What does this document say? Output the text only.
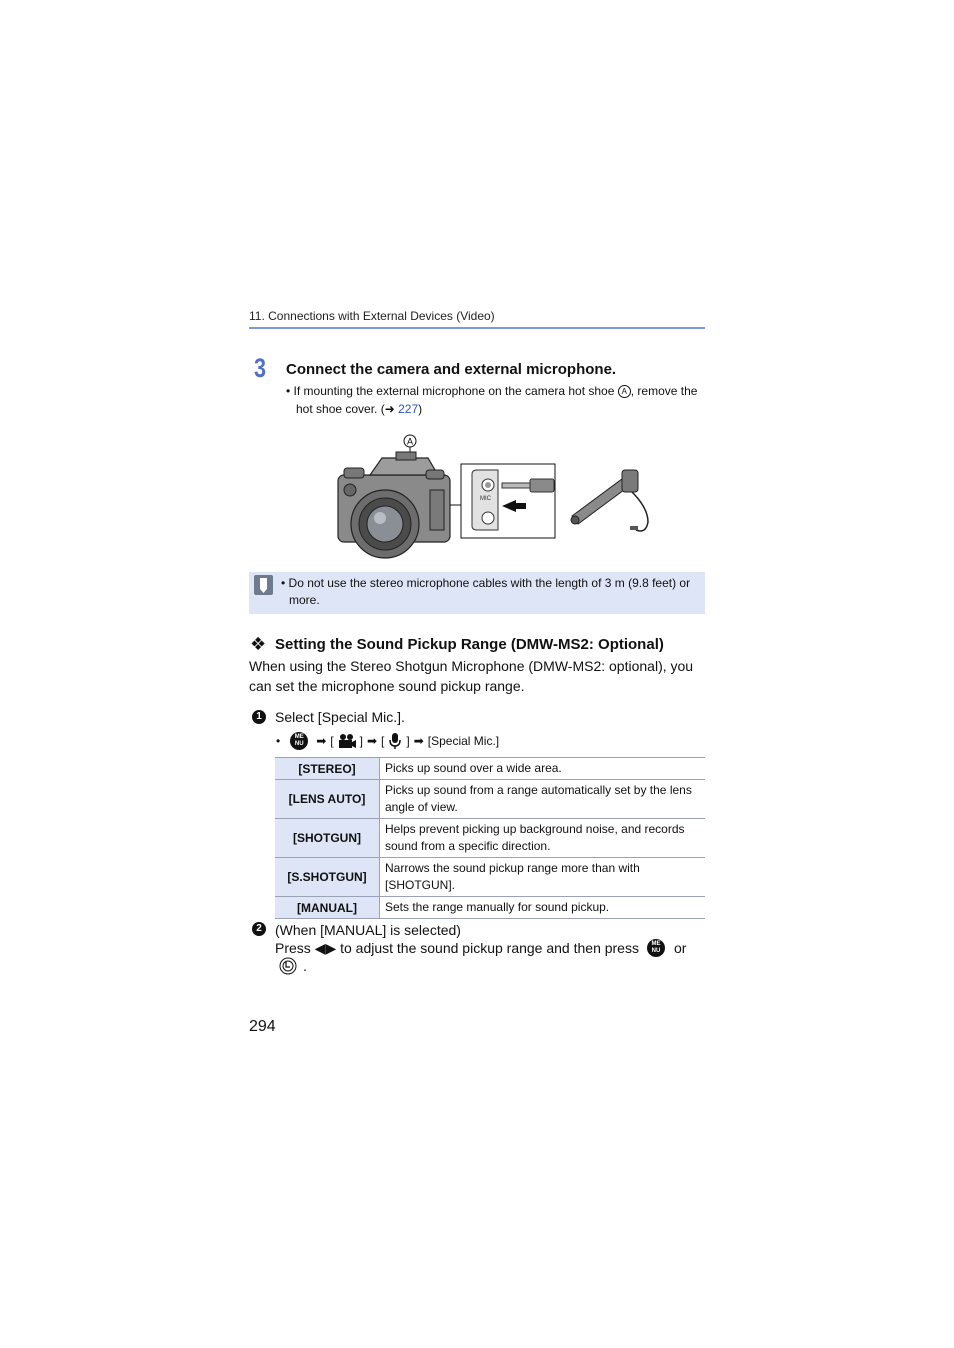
11. Connections with External Devices (Video)
3 Connect the camera and external microphone.
• If mounting the external microphone on the camera hot shoe A , remove the
hot shoe cover. (➜ 227)
A
MIC
• Do not use the stereo microphone cables with the length of 3 m (9.8 feet) or
more.
❖ Setting the Sound Pickup Range (DMW-MS2: Optional)
When using the Stereo Shotgun Microphone (DMW-MS2: optional), you
can set the microphone sound pickup range.
1 Select [Special Mic.].
•	ME
NU	➡ [ ] ➡ [ ] ➡ [Special Mic.]
[STEREO]	Picks up sound over a wide area.

[LENS AUTO]	Picks up sound from a range automatically set by the lens
angle of view.

[SHOTGUN]	Helps prevent picking up background noise, and records
sound from a specific direction.

[S.SHOTGUN]	Narrows the sound pickup range more than with
[SHOTGUN].

[MANUAL]	Sets the range manually for sound pickup.
2 (When [MANUAL] is selected)
Press ◀▶ to adjust the sound pickup range and then press	ME
NU or
.
294
